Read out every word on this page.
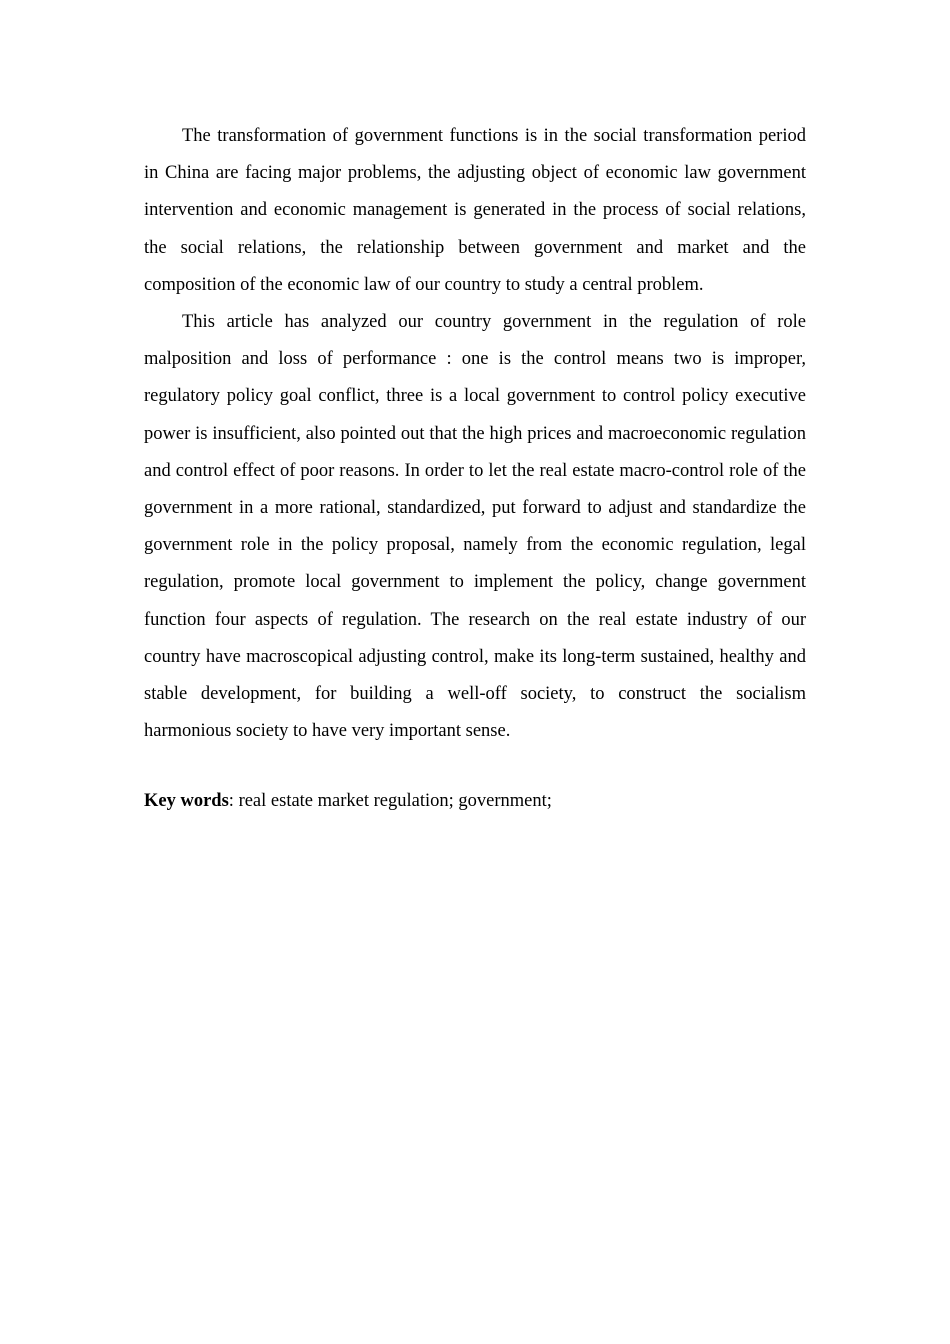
The transformation of government functions is in the social transformation period in China are facing major problems, the adjusting object of economic law government intervention and economic management is generated in the process of social relations, the social relations, the relationship between government and market and the composition of the economic law of our country to study a central problem.

This article has analyzed our country government in the regulation of role malposition and loss of performance : one is the control means two is improper, regulatory policy goal conflict, three is a local government to control policy executive power is insufficient, also pointed out that the high prices and macroeconomic regulation and control effect of poor reasons. In order to let the real estate macro-control role of the government in a more rational, standardized, put forward to adjust and standardize the government role in the policy proposal, namely from the economic regulation, legal regulation, promote local government to implement the policy, change government function four aspects of regulation. The research on the real estate industry of our country have macroscopical adjusting control, make its long-term sustained, healthy and stable development, for building a well-off society, to construct the socialism harmonious society to have very important sense.

Key words: real estate market regulation; government;
